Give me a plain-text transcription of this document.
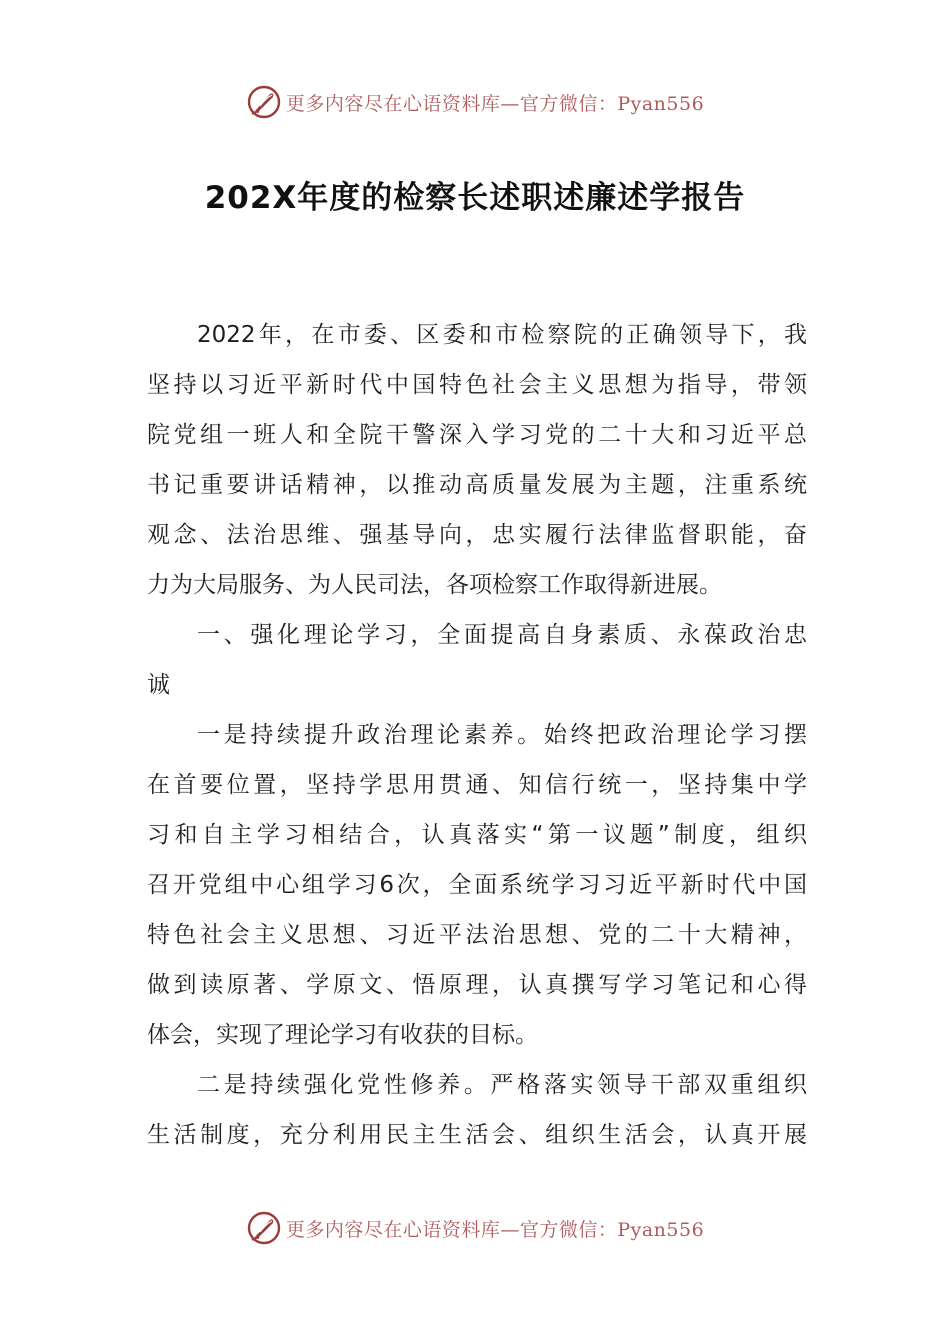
更多内容尽在心语资料库—官方微信：Pyan556
202X年度的检察长述职述廉述学报告
2022年，在市委、区委和市检察院的正确领导下，我
坚持以习近平新时代中国特色社会主义思想为指导，带领
院党组一班人和全院干警深入学习党的二十大和习近平总
书记重要讲话精神，以推动高质量发展为主题，注重系统
观念、法治思维、强基导向，忠实履行法律监督职能，奋
力为大局服务、为人民司法，各项检察工作取得新进展。
一、强化理论学习，全面提高自身素质、永葆政治忠
诚
一是持续提升政治理论素养。始终把政治理论学习摆
在首要位置，坚持学思用贯通、知信行统一，坚持集中学
习和自主学习相结合，认真落实“第一议题”制度，组织
召开党组中心组学习6次，全面系统学习习近平新时代中国
特色社会主义思想、习近平法治思想、党的二十大精神，
做到读原著、学原文、悟原理，认真撰写学习笔记和心得
体会，实现了理论学习有收获的目标。
二是持续强化党性修养。严格落实领导干部双重组织
生活制度，充分利用民主生活会、组织生活会，认真开展
更多内容尽在心语资料库—官方微信：Pyan556
